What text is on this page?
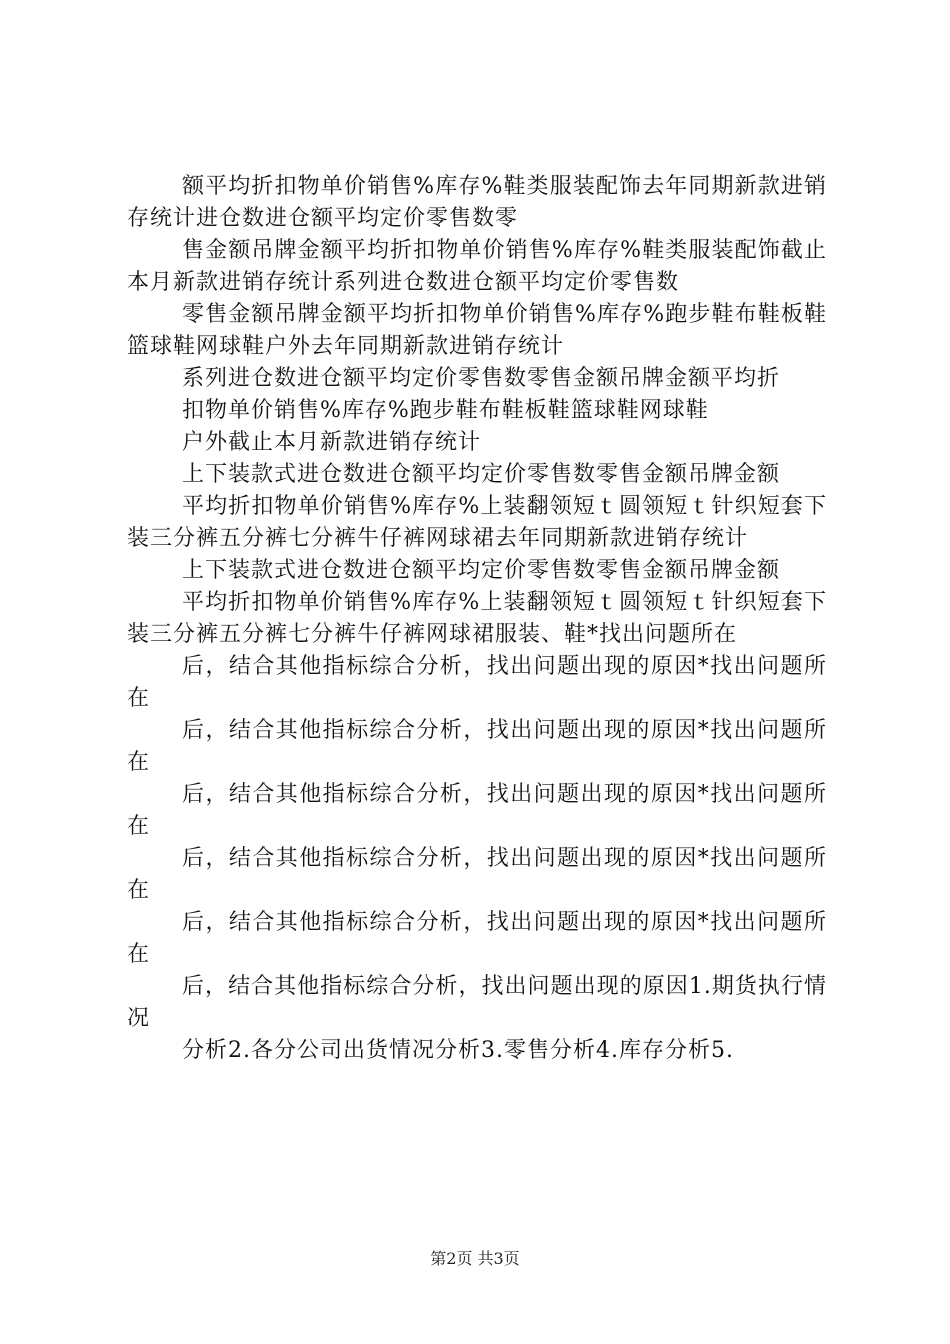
额平均折扣物单价销售%库存%鞋类服装配饰去年同期新款进销存统计进仓数进仓额平均定价零售数零

售金额吊牌金额平均折扣物单价销售%库存%鞋类服装配饰截止本月新款进销存统计系列进仓数进仓额平均定价零售数

零售金额吊牌金额平均折扣物单价销售%库存%跑步鞋布鞋板鞋篮球鞋网球鞋户外去年同期新款进销存统计

系列进仓数进仓额平均定价零售数零售金额吊牌金额平均折

扣物单价销售%库存%跑步鞋布鞋板鞋篮球鞋网球鞋

户外截止本月新款进销存统计

上下装款式进仓数进仓额平均定价零售数零售金额吊牌金额

平均折扣物单价销售%库存%上装翻领短ｔ圆领短ｔ针织短套下装三分裤五分裤七分裤牛仔裤网球裙去年同期新款进销存统计

上下装款式进仓数进仓额平均定价零售数零售金额吊牌金额

平均折扣物单价销售%库存%上装翻领短ｔ圆领短ｔ针织短套下装三分裤五分裤七分裤牛仔裤网球裙服装、鞋*找出问题所在

后，结合其他指标综合分析，找出问题出现的原因*找出问题所在

后，结合其他指标综合分析，找出问题出现的原因*找出问题所在

后，结合其他指标综合分析，找出问题出现的原因*找出问题所在

后，结合其他指标综合分析，找出问题出现的原因*找出问题所在

后，结合其他指标综合分析，找出问题出现的原因*找出问题所在

后，结合其他指标综合分析，找出问题出现的原因1.期货执行情况

分析2.各分公司出货情况分析3.零售分析4.库存分析5.

第2页 共3页
